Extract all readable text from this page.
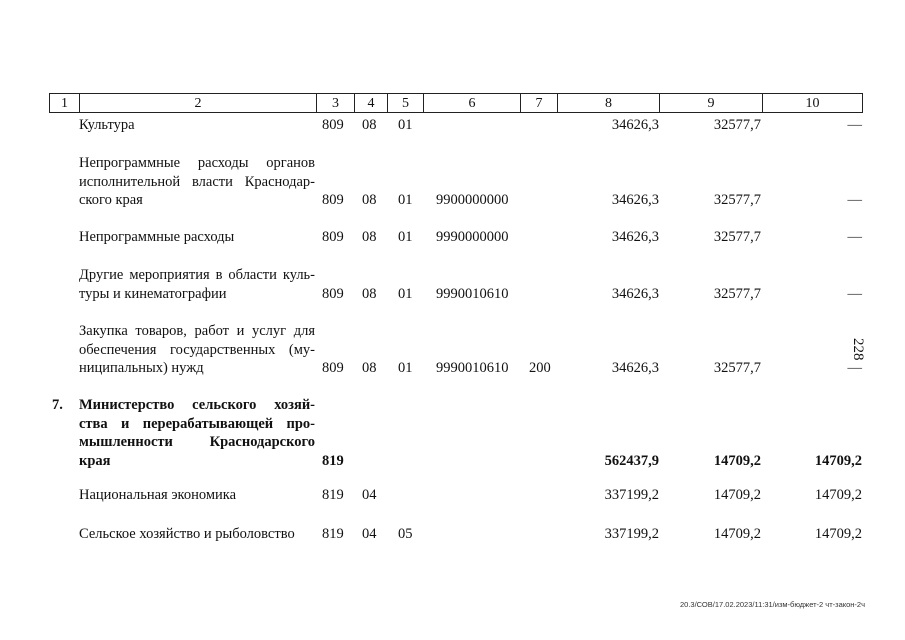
1	2	3	4	5	6	7	8	9	10
Культура	809 08 01	34626,3	32577,7	—
Непрограммные расходы органов
исполнительной власти Краснодар-
ского края	809 08 01 9900000000	34626,3	32577,7	—
Непрограммные расходы	809 08 01 9990000000	34626,3	32577,7	—
Другие мероприятия в области куль-
туры и кинематографии	809 08 01 9990010610	34626,3	32577,7	—
Закупка товаров, работ и услуг для
обеспечения государственных (му-
ниципальных) нужд	809 08 01 9990010610 200	34626,3	32577,7	—
7. Министерство сельского хозяй-
ства и перерабатывающей про-
мышленности Краснодарского
края	819	562437,9	14709,2	14709,2
Национальная экономика	819 04	337199,2	14709,2	14709,2
Сельское хозяйство и рыболовство	819 04 05	337199,2	14709,2	14709,2
228
20.3/СОВ/17.02.2023/11:31/изм-бюджет-2 чт-закон-2ч
